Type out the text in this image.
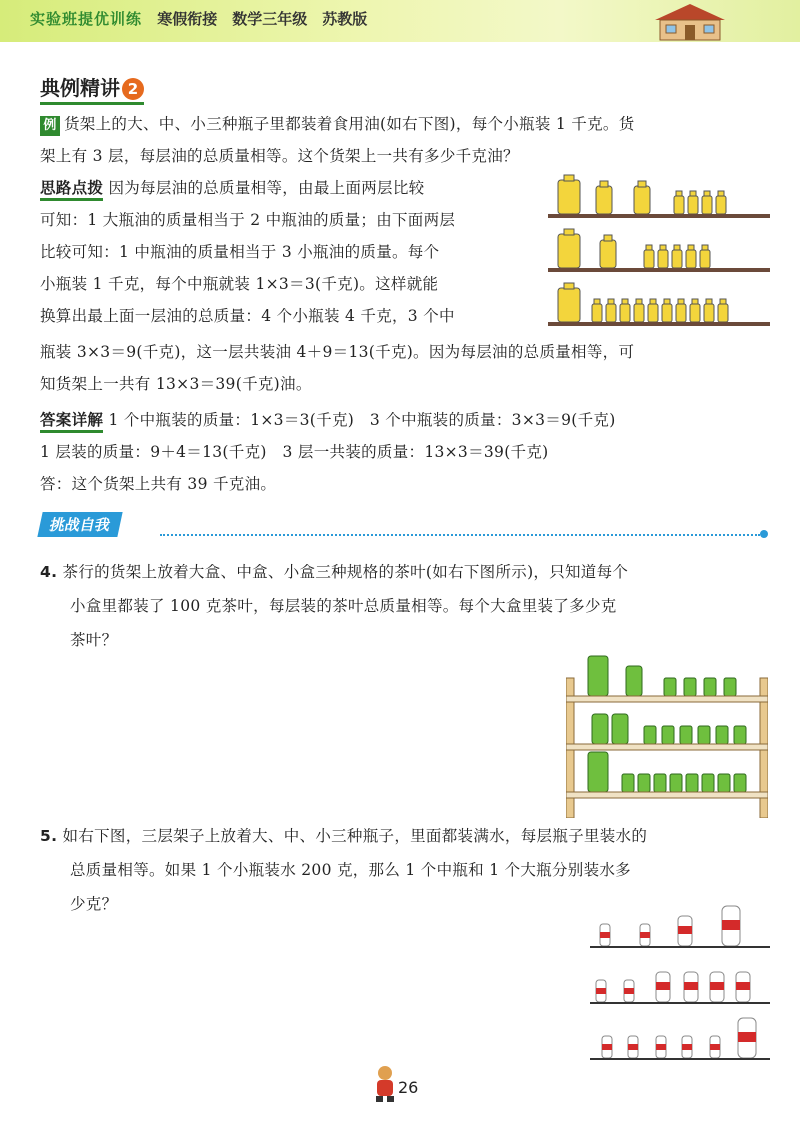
实验班提优训练 寒假衔接　数学三年级　苏教版
典例精讲 2
例 货架上的大、中、小三种瓶子里都装着食用油(如右下图)，每个小瓶装 1 千克。货
架上有 3 层，每层油的总质量相等。这个货架上一共有多少千克油？
思路点拨 因为每层油的总质量相等，由最上面两层比较
可知：1 大瓶油的质量相当于 2 中瓶油的质量；由下面两层
比较可知：1 中瓶油的质量相当于 3 小瓶油的质量。每个
小瓶装 1 千克，每个中瓶就装 1×3＝3(千克)。这样就能
换算出最上面一层油的总质量：4 个小瓶装 4 千克，3 个中
瓶装 3×3＝9(千克)，这一层共装油 4＋9＝13(千克)。因为每层油的总质量相等，可
知货架上一共有 13×3＝39(千克)油。
答案详解 1 个中瓶装的质量：1×3＝3(千克)　3 个中瓶装的质量：3×3＝9(千克)
1 层装的质量：9＋4＝13(千克)　3 层一共装的质量：13×3＝39(千克)
答：这个货架上共有 39 千克油。
挑战自我
4. 茶行的货架上放着大盒、中盒、小盒三种规格的茶叶(如右下图所示)，只知道每个
小盒里都装了 100 克茶叶，每层装的茶叶总质量相等。每个大盒里装了多少克
茶叶？
5. 如右下图，三层架子上放着大、中、小三种瓶子，里面都装满水，每层瓶子里装水的
总质量相等。如果 1 个小瓶装水 200 克，那么 1 个中瓶和 1 个大瓶分别装水多
少克？
26
